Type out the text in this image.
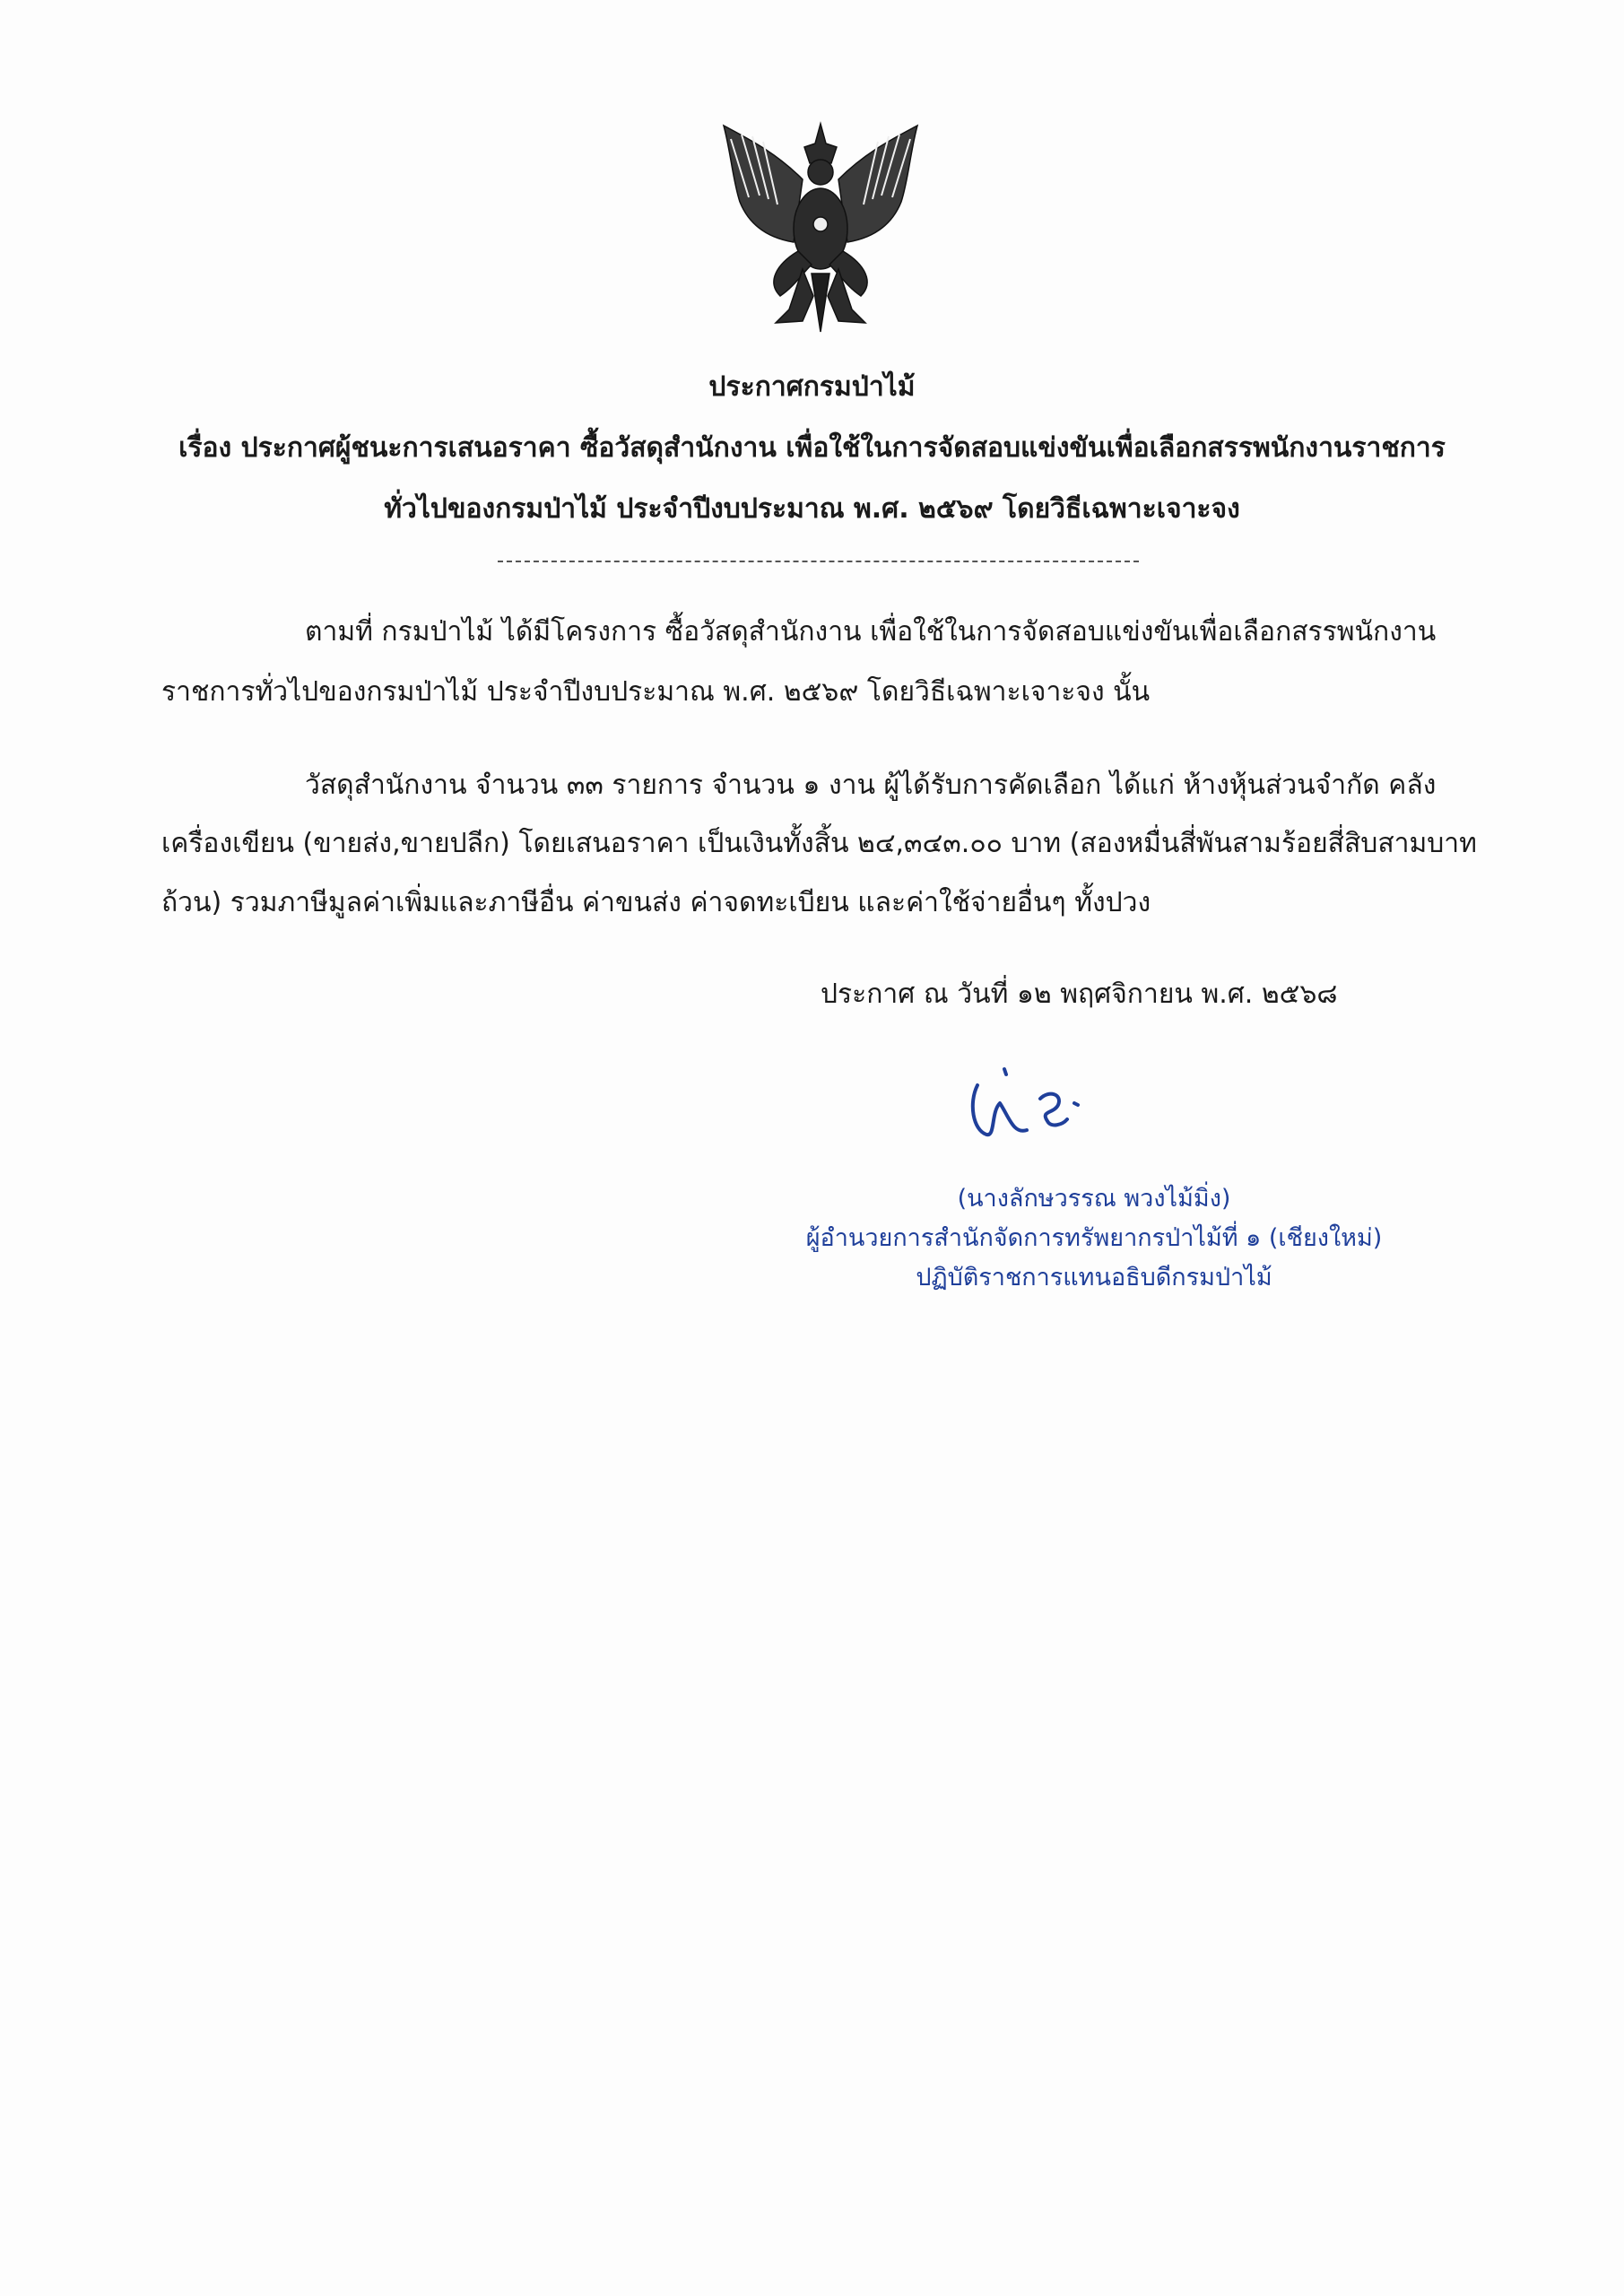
ประกาศกรมป่าไม้
เรื่อง ประกาศผู้ชนะการเสนอราคา ซื้อวัสดุสำนักงาน เพื่อใช้ในการจัดสอบแข่งขันเพื่อเลือกสรรพนักงานราชการ
ทั่วไปของกรมป่าไม้ ประจำปีงบประมาณ พ.ศ. ๒๕๖๙ โดยวิธีเฉพาะเจาะจง
ตามที่ กรมป่าไม้ ได้มีโครงการ ซื้อวัสดุสำนักงาน เพื่อใช้ในการจัดสอบแข่งขันเพื่อเลือกสรรพนักงาน
ราชการทั่วไปของกรมป่าไม้ ประจำปีงบประมาณ พ.ศ. ๒๕๖๙ โดยวิธีเฉพาะเจาะจง นั้น
วัสดุสำนักงาน จำนวน ๓๓ รายการ จำนวน ๑ งาน ผู้ได้รับการคัดเลือก ได้แก่ ห้างหุ้นส่วนจำกัด คลัง
เครื่องเขียน (ขายส่ง,ขายปลีก) โดยเสนอราคา เป็นเงินทั้งสิ้น ๒๔,๓๔๓.๐๐ บาท (สองหมื่นสี่พันสามร้อยสี่สิบสามบาท
ถ้วน) รวมภาษีมูลค่าเพิ่มและภาษีอื่น ค่าขนส่ง ค่าจดทะเบียน และค่าใช้จ่ายอื่นๆ ทั้งปวง
ประกาศ ณ วันที่ ๑๒ พฤศจิกายน พ.ศ. ๒๕๖๘
(นางลักษวรรณ พวงไม้มิ่ง)
ผู้อำนวยการสำนักจัดการทรัพยากรป่าไม้ที่ ๑ (เชียงใหม่)
ปฏิบัติราชการแทนอธิบดีกรมป่าไม้
